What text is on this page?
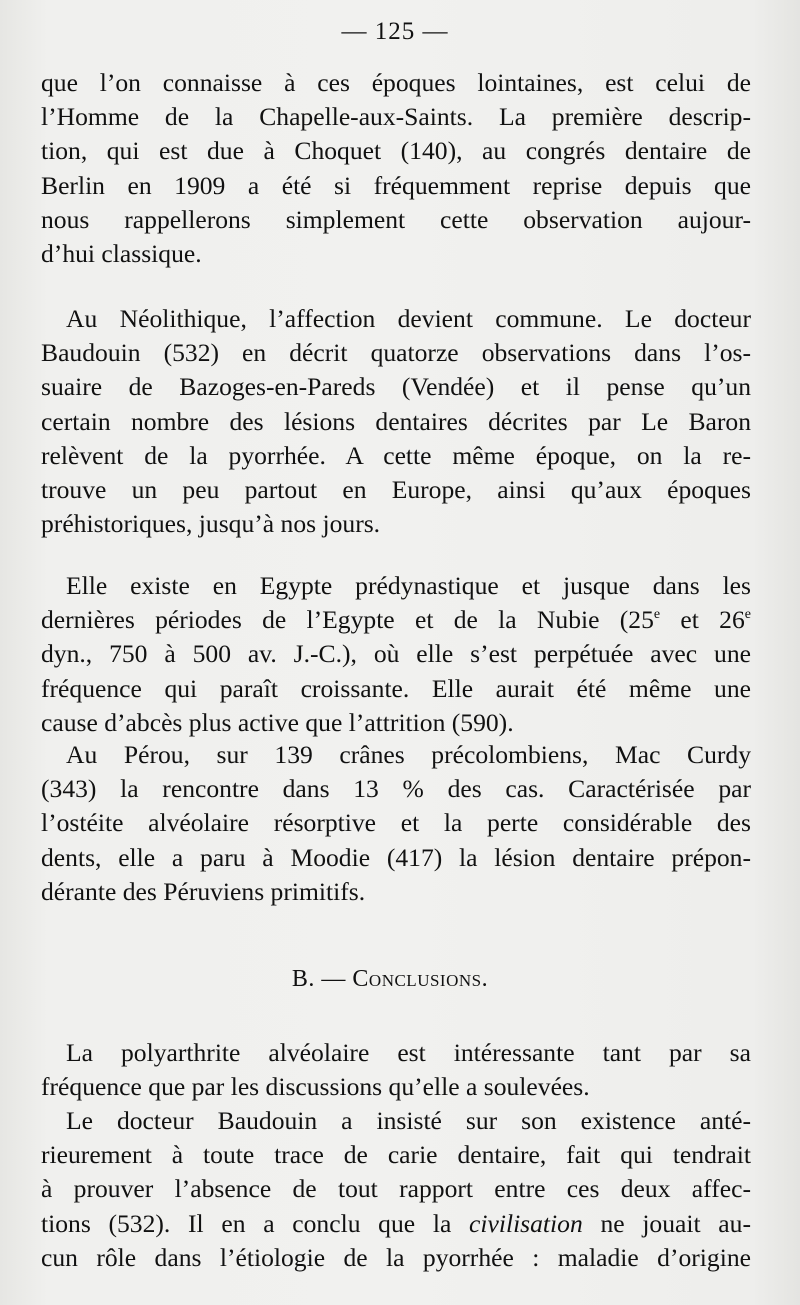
— 125 —
que l’on connaisse à ces époques lointaines, est celui de
l’Homme de la Chapelle-aux-Saints. La première descrip-
tion, qui est due à Choquet (140), au congrés dentaire de
Berlin en 1909 a été si fréquemment reprise depuis que
nous rappellerons simplement cette observation aujour-
d’hui classique.
Au Néolithique, l’affection devient commune. Le docteur
Baudouin (532) en décrit quatorze observations dans l’os-
suaire de Bazoges-en-Pareds (Vendée) et il pense qu’un
certain nombre des lésions dentaires décrites par Le Baron
relèvent de la pyorrhée. A cette même époque, on la re-
trouve un peu partout en Europe, ainsi qu’aux époques
préhistoriques, jusqu’à nos jours.
Elle existe en Egypte prédynastique et jusque dans les
dernières périodes de l’Egypte et de la Nubie (25e et 26e
dyn., 750 à 500 av. J.-C.), où elle s’est perpétuée avec une
fréquence qui paraît croissante. Elle aurait été même une
cause d’abcès plus active que l’attrition (590).
Au Pérou, sur 139 crânes précolombiens, Mac Curdy
(343) la rencontre dans 13 % des cas. Caractérisée par
l’ostéite alvéolaire résorptive et la perte considérable des
dents, elle a paru à Moodie (417) la lésion dentaire prépon-
dérante des Péruviens primitifs.
B. — Conclusions.
La polyarthrite alvéolaire est intéressante tant par sa
fréquence que par les discussions qu’elle a soulevées.
Le docteur Baudouin a insisté sur son existence anté-
rieurement à toute trace de carie dentaire, fait qui tendrait
à prouver l’absence de tout rapport entre ces deux affec-
tions (532). Il en a conclu que la civilisation ne jouait au-
cun rôle dans l’étiologie de la pyorrhée : maladie d’origine
